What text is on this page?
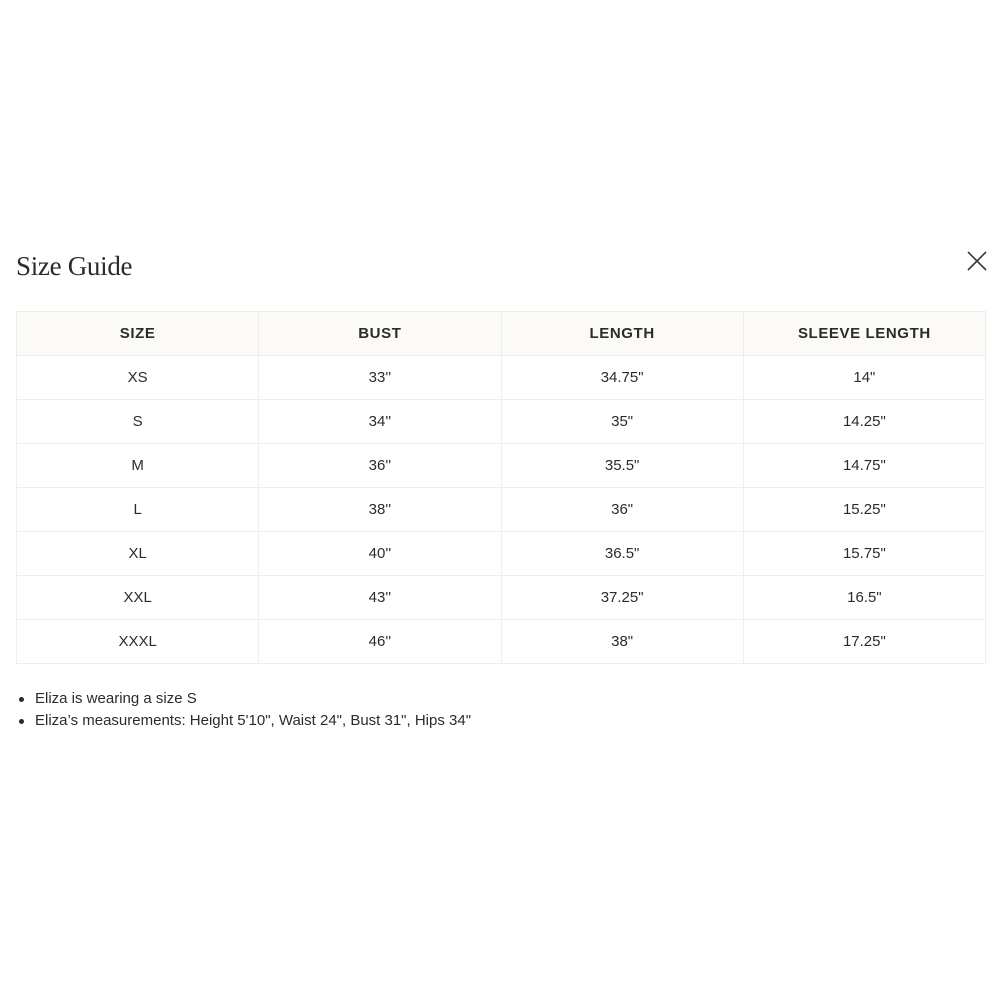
Size Guide
SIZE	BUST	LENGTH	SLEEVE LENGTH
XS	33''	34.75"	14"
S	34''	35"	14.25"
M	36''	35.5"	14.75"
L	38''	36"	15.25"
XL	40''	36.5"	15.75"
XXL	43''	37.25"	16.5"
XXXL	46''	38"	17.25"
Eliza is wearing a size S
Eliza’s measurements: Height 5'10", Waist 24", Bust 31", Hips 34"
